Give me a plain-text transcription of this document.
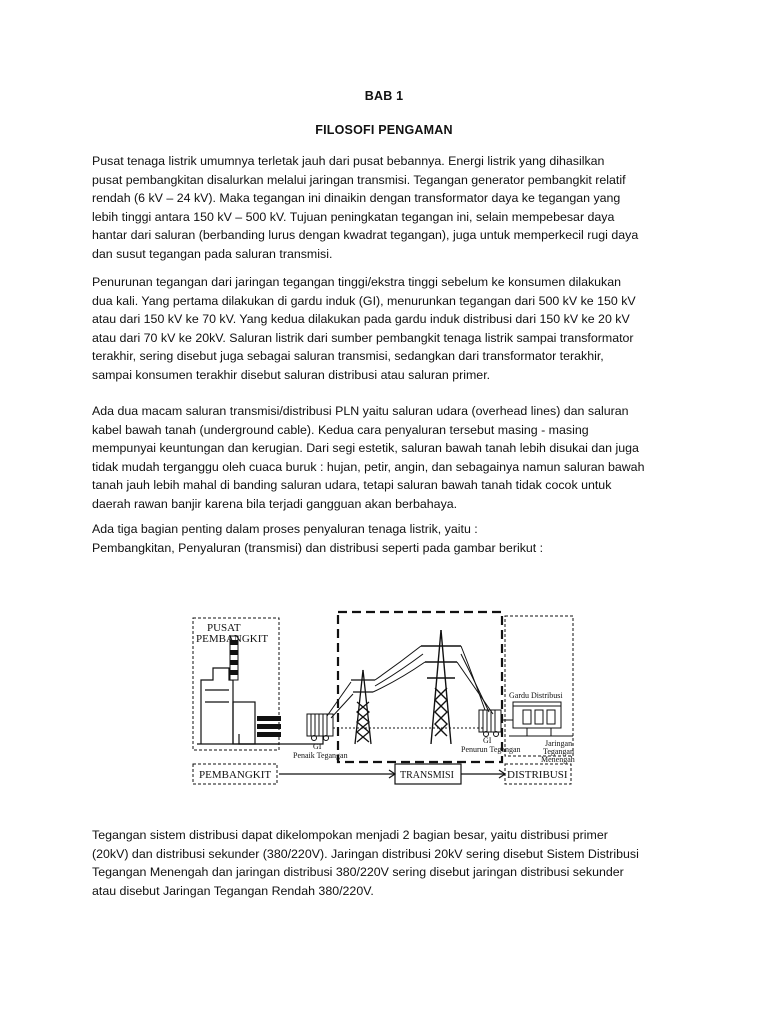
BAB 1
FILOSOFI PENGAMAN

Pusat tenaga listrik umumnya terletak jauh dari pusat bebannya. Energi listrik yang dihasilkan
pusat pembangkitan disalurkan melalui jaringan transmisi. Tegangan generator pembangkit relatif
rendah (6 kV – 24 kV). Maka tegangan ini dinaikin dengan transformator daya ke tegangan yang
lebih tinggi antara 150 kV – 500 kV. Tujuan peningkatan tegangan ini, selain mempebesar daya
hantar dari saluran (berbanding lurus dengan kwadrat tegangan), juga untuk memperkecil rugi daya
dan susut tegangan pada saluran transmisi.

Penurunan tegangan dari jaringan tegangan tinggi/ekstra tinggi sebelum ke konsumen dilakukan
dua kali. Yang pertama dilakukan di gardu induk (GI), menurunkan tegangan dari 500 kV ke 150 kV
atau dari 150 kV ke 70 kV. Yang kedua dilakukan pada gardu induk distribusi dari 150 kV ke 20 kV
atau dari 70 kV ke 20kV. Saluran listrik dari sumber pembangkit tenaga listrik sampai transformator
terakhir, sering disebut juga sebagai saluran transmisi, sedangkan dari transformator terakhir,
sampai konsumen terakhir disebut saluran distribusi atau saluran primer.

Ada dua macam saluran transmisi/distribusi PLN yaitu saluran udara (overhead lines) dan saluran
kabel bawah tanah (underground cable). Kedua cara penyaluran tersebut masing - masing
mempunyai keuntungan dan kerugian. Dari segi estetik, saluran bawah tanah lebih disukai dan juga
tidak mudah terganggu oleh cuaca buruk : hujan, petir, angin, dan sebagainya namun saluran bawah
tanah jauh lebih mahal di banding saluran udara, tetapi saluran bawah tanah tidak cocok untuk
daerah rawan banjir karena bila terjadi gangguan akan berbahaya.

Ada tiga bagian penting dalam proses penyaluran tenaga listrik, yaitu :
Pembangkitan, Penyaluran (transmisi) dan distribusi seperti pada gambar berikut :

PUSAT
PEMBANGKIT
GI
Penaik Tegangan
GI
Penurun Tegangan
Gardu Distribusi
Jaringan
Tegangan
Menengah
PEMBANGKIT	TRANSMISI	DISTRIBUSI

Tegangan sistem distribusi dapat dikelompokan menjadi 2 bagian besar, yaitu distribusi primer
(20kV) dan distribusi sekunder (380/220V). Jaringan distribusi 20kV sering disebut Sistem Distribusi
Tegangan Menengah dan jaringan distribusi 380/220V sering disebut jaringan distribusi sekunder
atau disebut Jaringan Tegangan Rendah 380/220V.
